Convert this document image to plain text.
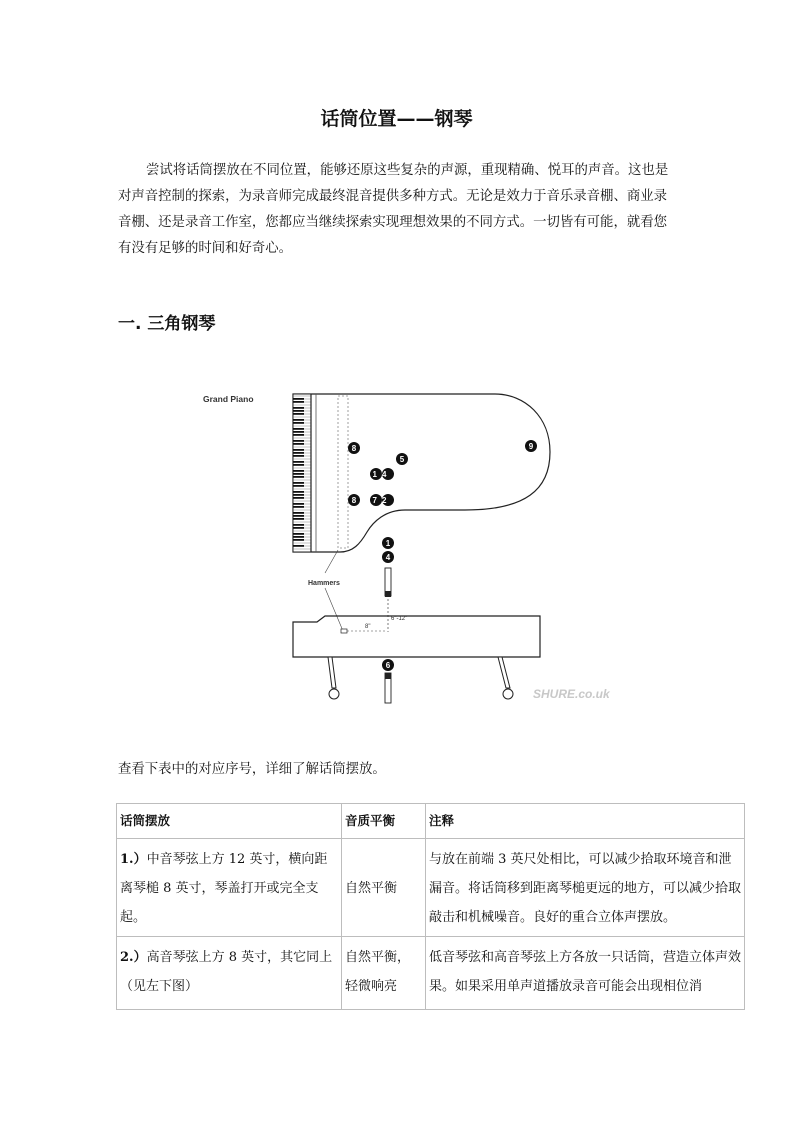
话筒位置——钢琴

尝试将话筒摆放在不同位置，能够还原这些复杂的声源，重现精确、悦耳的声音。这也是对声音控制的探索，为录音师完成最终混音提供多种方式。无论是效力于音乐录音棚、商业录音棚、还是录音工作室，您都应当继续探索实现理想效果的不同方式。一切皆有可能，就看您有没有足够的时间和好奇心。

一. 三角钢琴
Grand Piano
8
5
14
9
8 72
1
4
6
6"-12"
Hammers
8"
SHURE.co.uk

查看下表中的对应序号，详细了解话筒摆放。

话筒摆放	音质平衡	注释
1.）中音琴弦上方 12 英寸，横向距离琴槌 8 英寸，琴盖打开或完全支起。	自然平衡	与放在前端 3 英尺处相比，可以减少拾取环境音和泄漏音。将话筒移到距离琴槌更远的地方，可以减少拾取敲击和机械噪音。良好的重合立体声摆放。

2.）高音琴弦上方 8 英寸，其它同上（见左下图）	自然平衡，轻微响亮	低音琴弦和高音琴弦上方各放一只话筒，营造立体声效果。如果采用单声道播放录音可能会出现相位消
